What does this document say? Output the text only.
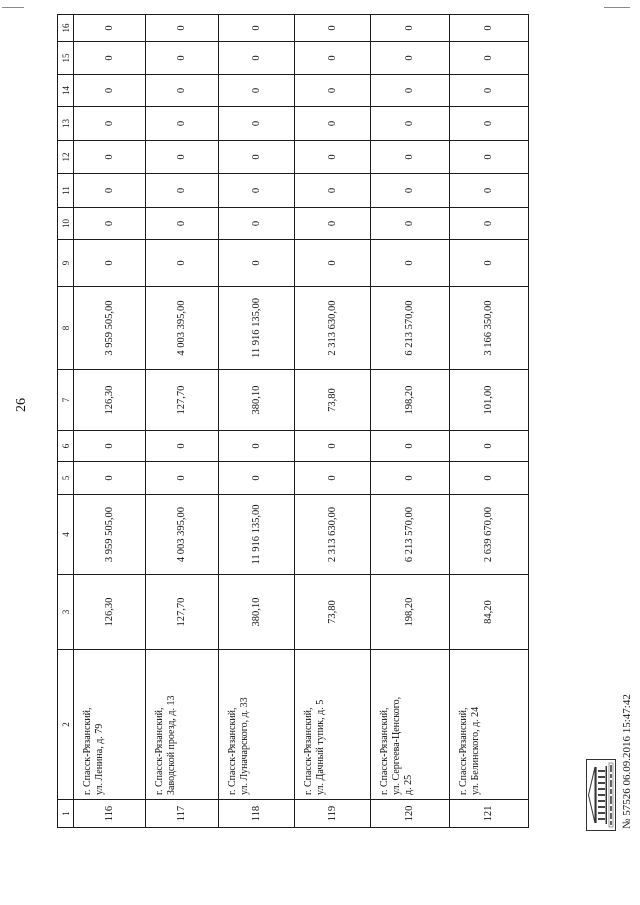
26
1	2	3	4	5	6	7	8	9	10	11	12	13	14	15	16
116	г. Спасск-Рязанский, ул. Ленина, д. 79	126,30	3 959 505,00	0	0	126,30	3 959 505,00	0	0	0	0	0	0	0	0
117	г. Спасск-Рязанский, Заводской проезд, д. 13	127,70	4 003 395,00	0	0	127,70	4 003 395,00	0	0	0	0	0	0	0	0
118	г. Спасск-Рязанский, ул. Луначарского, д. 33	380,10	11 916 135,00	0	0	380,10	11 916 135,00	0	0	0	0	0	0	0	0
119	г. Спасск-Рязанский, ул. Дачный тупик, д. 5	73,80	2 313 630,00	0	0	73,80	2 313 630,00	0	0	0	0	0	0	0	0
120	г. Спасск-Рязанский, ул. Сергеева-Ценского, д. 25	198,20	6 213 570,00	0	0	198,20	6 213 570,00	0	0	0	0	0	0	0	0
121	г. Спасск-Рязанский, ул. Белинского, д. 24	84,20	2 639 670,00	0	0	101,00	3 166 350,00	0	0	0	0	0	0	0	0
№ 57526 06.09.2016 15:47:42
